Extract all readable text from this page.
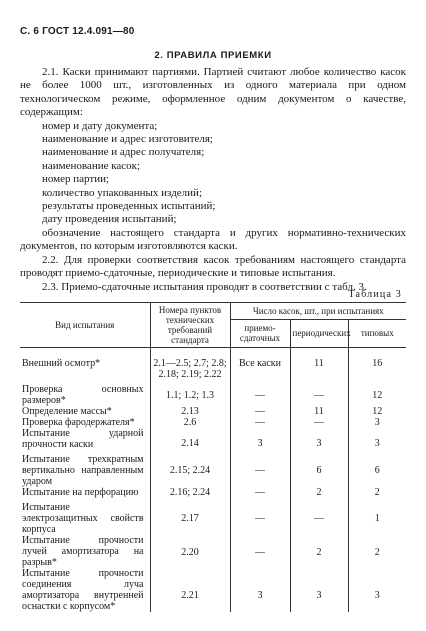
С. 6 ГОСТ 12.4.091—80
2. ПРАВИЛА ПРИЕМКИ

2.1. Каски принимают партиями. Партией считают любое количество касок не более 1000 шт., изготовленных из одного материала при одном технологическом режиме, оформленное одним документом о качестве, содержащим:

номер и дату документа;

наименование и адрес изготовителя;

наименование и адрес получателя;

наименование касок;

номер партии;

количество упакованных изделий;

результаты проведенных испытаний;

дату проведения испытаний;

обозначение настоящего стандарта и других нормативно-технических документов, по которым изготовляются каски.

2.2. Для проверки соответствия касок требованиям настоящего стандарта проводят приемо-сдаточные, периодические и типовые испытания.

2.3. Приемо-сдаточные испытания проводят в соответствии с табл. 3.

Таблица 3
Вид испытания	Номера пунктов технических требований стандарта	Число касок, шт., при испытаниях		
		приемо-сдаточных	периодических	типовых
Внешний осмотр*	2.1—2.5; 2.7; 2.8; 2.18; 2.19; 2.22	Все каски	11	16
Проверка основных размеров*	1.1; 1.2; 1.3	—	—	12
Определение массы*	2.13	—	11	12
Проверка фародержателя*	2.6	—	—	3
Испытание ударной прочности каски	2.14	3	3	3
Испытание трехкратным вертикально направленным ударом	2.15; 2.24	—	6	6
Испытание на перфорацию	2.16; 2.24	—	2	2
Испытание электрозащитных свойств корпуса	2.17	—	—	1
Испытание прочности лучей амортизатора на разрыв*	2.20	—	2	2
Испытание прочности соединения луча амортизатора внутренней оснастки с корпусом*	2.21	3	3	3
